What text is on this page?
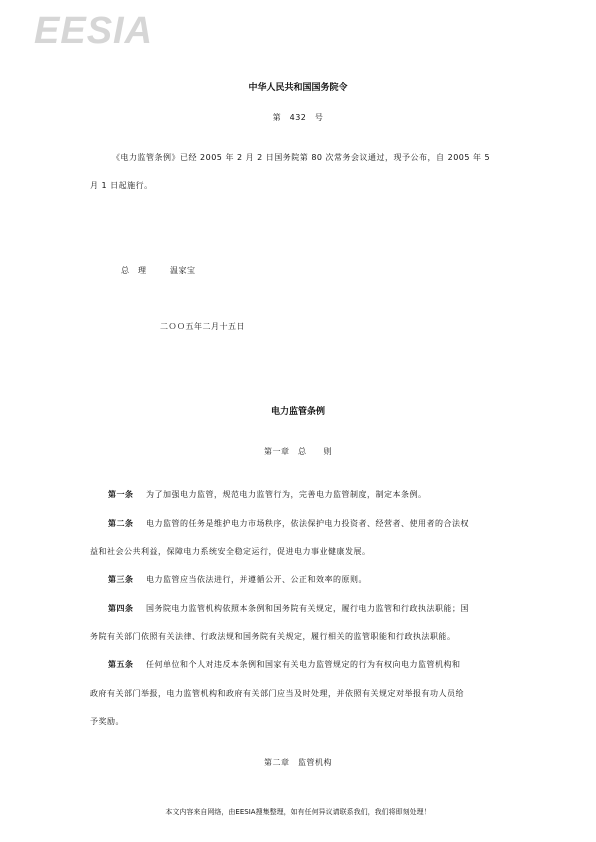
EESIA
中华人民共和国国务院令
第　432　号
《电力监管条例》已经 2005 年 2 月 2 日国务院第 80 次常务会议通过，现予公布，自 2005 年 5
月 1 日起施行。
总　理	温家宝
二ＯＯ五年二月十五日
电力监管条例
第一章　总　　则
第一条 为了加强电力监管，规范电力监管行为，完善电力监管制度，制定本条例。
第二条 电力监管的任务是维护电力市场秩序，依法保护电力投资者、经营者、使用者的合法权
益和社会公共利益，保障电力系统安全稳定运行，促进电力事业健康发展。
第三条 电力监管应当依法进行，并遵循公开、公正和效率的原则。
第四条 国务院电力监管机构依照本条例和国务院有关规定，履行电力监管和行政执法职能；国
务院有关部门依照有关法律、行政法规和国务院有关规定，履行相关的监管职能和行政执法职能。
第五条 任何单位和个人对违反本条例和国家有关电力监管规定的行为有权向电力监管机构和
政府有关部门举报，电力监管机构和政府有关部门应当及时处理，并依照有关规定对举报有功人员给
予奖励。
第二章　监管机构
本文内容来自网络，由EESIA搜集整理，如有任何异议请联系我们，我们将即刻处理！
